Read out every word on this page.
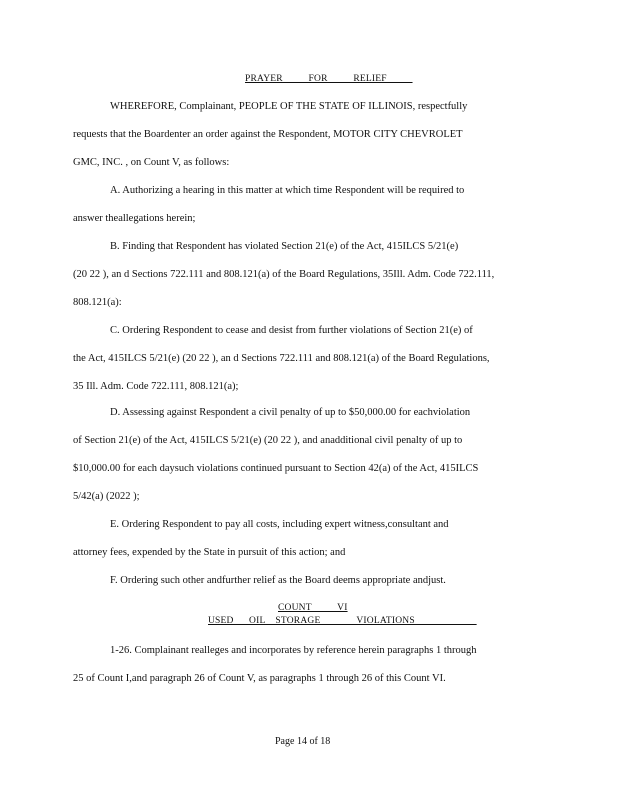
PRAYER          FOR          RELIEF
WHEREFORE, Complainant, PEOPLE OF THE STATE OF ILLINOIS, respectfully
requests that the Boardenter an order against the Respondent, MOTOR CITY CHEVROLET
GMC, INC. , on Count V, as follows:
A. Authorizing a hearing in this matter at which time Respondent will be required to
answer theallegations herein;
B. Finding that Respondent has violated Section 21(e) of the Act, 415ILCS 5/21(e)
(20 22 ), an d Sections 722.111 and 808.121(a) of the Board Regulations, 35Ill. Adm. Code 722.111,
808.121(a):
C. Ordering Respondent to cease and desist from further violations of Section 21(e) of
the Act, 415ILCS 5/21(e) (20 22 ), an d Sections 722.111 and 808.121(a) of the Board Regulations,
35 Ill. Adm. Code 722.111, 808.121(a);
D. Assessing against Respondent a civil penalty of up to $50,000.00 for eachviolation
of Section 21(e) of the Act, 415ILCS 5/21(e) (20 22 ), and anadditional civil penalty of up to
$10,000.00 for each daysuch violations continued pursuant to Section 42(a) of the Act, 415ILCS
5/42(a) (2022 );
E. Ordering Respondent to pay all costs, including expert witness,consultant and
attorney fees, expended by the State in pursuit of this action; and
F. Ordering such other andfurther relief as the Board deems appropriate andjust.
COUNT          VI
USED      OIL    STORAGE              VIOLATIONS
1-26. Complainant realleges and incorporates by reference herein paragraphs 1 through
25 of Count I,and paragraph 26 of Count V, as paragraphs 1 through 26 of this Count VI.
Page 14 of 18
